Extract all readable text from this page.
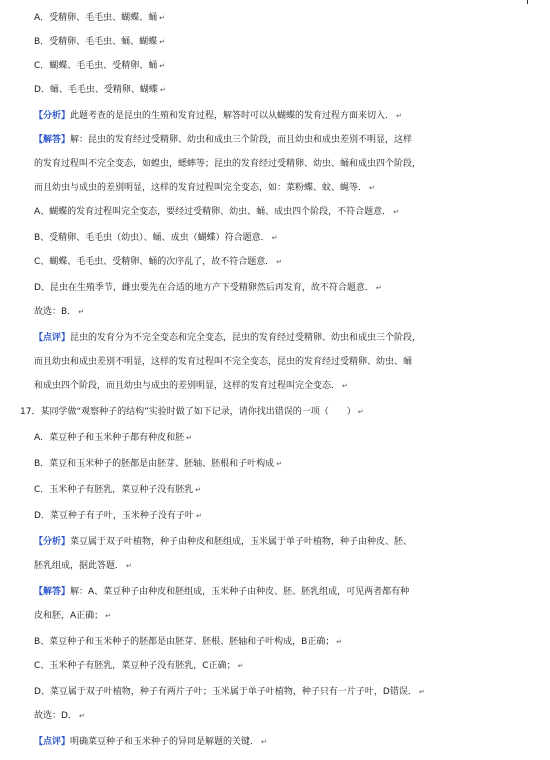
A．受精卵、毛毛虫、蝴蝶、蛹 ↵
B．受精卵、毛毛虫、蛹、蝴蝶 ↵
C．蝴蝶、毛毛虫、受精卵、蛹 ↵
D．蛹、毛毛虫、受精卵、蝴蝶 ↵
【分析】此题考查的是昆虫的生殖和发育过程，解答时可以从蝴蝶的发育过程方面来切入． ↵
【解答】解：昆虫的发育经过受精卵、幼虫和成虫三个阶段，而且幼虫和成虫差别不明显，这样
的发育过程叫不完全变态，如蝗虫，蟋蟀等；昆虫的发育经过受精卵、幼虫、蛹和成虫四个阶段，
而且幼虫与成虫的差别明显，这样的发育过程叫完全变态，如：菜粉蝶、蚊、蝇等． ↵
A、蝴蝶的发育过程叫完全变态，要经过受精卵、幼虫、蛹、成虫四个阶段，不符合题意． ↵
B、受精卵、毛毛虫（幼虫）、蛹、成虫（蝴蝶）符合题意． ↵
C、蝴蝶、毛毛虫、受精卵、蛹的次序乱了，故不符合题意． ↵
D、昆虫在生殖季节，雌虫要先在合适的地方产下受精卵然后再发育，故不符合题意． ↵
故选：B． ↵
【点评】昆虫的发育分为不完全变态和完全变态，昆虫的发育经过受精卵、幼虫和成虫三个阶段，
而且幼虫和成虫差别不明显，这样的发育过程叫不完全变态，昆虫的发育经过受精卵、幼虫、蛹
和成虫四个阶段，而且幼虫与成虫的差别明显，这样的发育过程叫完全变态． ↵
17．某同学做“观察种子的结构”实验时做了如下记录，请你找出错误的一项（　　） ↵
A．菜豆种子和玉米种子都有种皮和胚 ↵
B．菜豆和玉米种子的胚都是由胚芽、胚轴、胚根和子叶构成 ↵
C．玉米种子有胚乳，菜豆种子没有胚乳 ↵
D．菜豆种子有子叶，玉米种子没有子叶 ↵
【分析】菜豆属于双子叶植物，种子由种皮和胚组成，玉米属于单子叶植物，种子由种皮、胚、
胚乳组成，据此答题． ↵
【解答】解：A、菜豆种子由种皮和胚组成，玉米种子由种皮、胚、胚乳组成，可见两者都有种
皮和胚，A正确； ↵
B、菜豆种子和玉米种子的胚都是由胚芽、胚根、胚轴和子叶构成，B正确； ↵
C、玉米种子有胚乳，菜豆种子没有胚乳，C正确； ↵
D、菜豆属于双子叶植物，种子有两片子叶；玉米属于单子叶植物，种子只有一片子叶，D错误． ↵
故选：D． ↵
【点评】明确菜豆种子和玉米种子的异同是解题的关键． ↵
